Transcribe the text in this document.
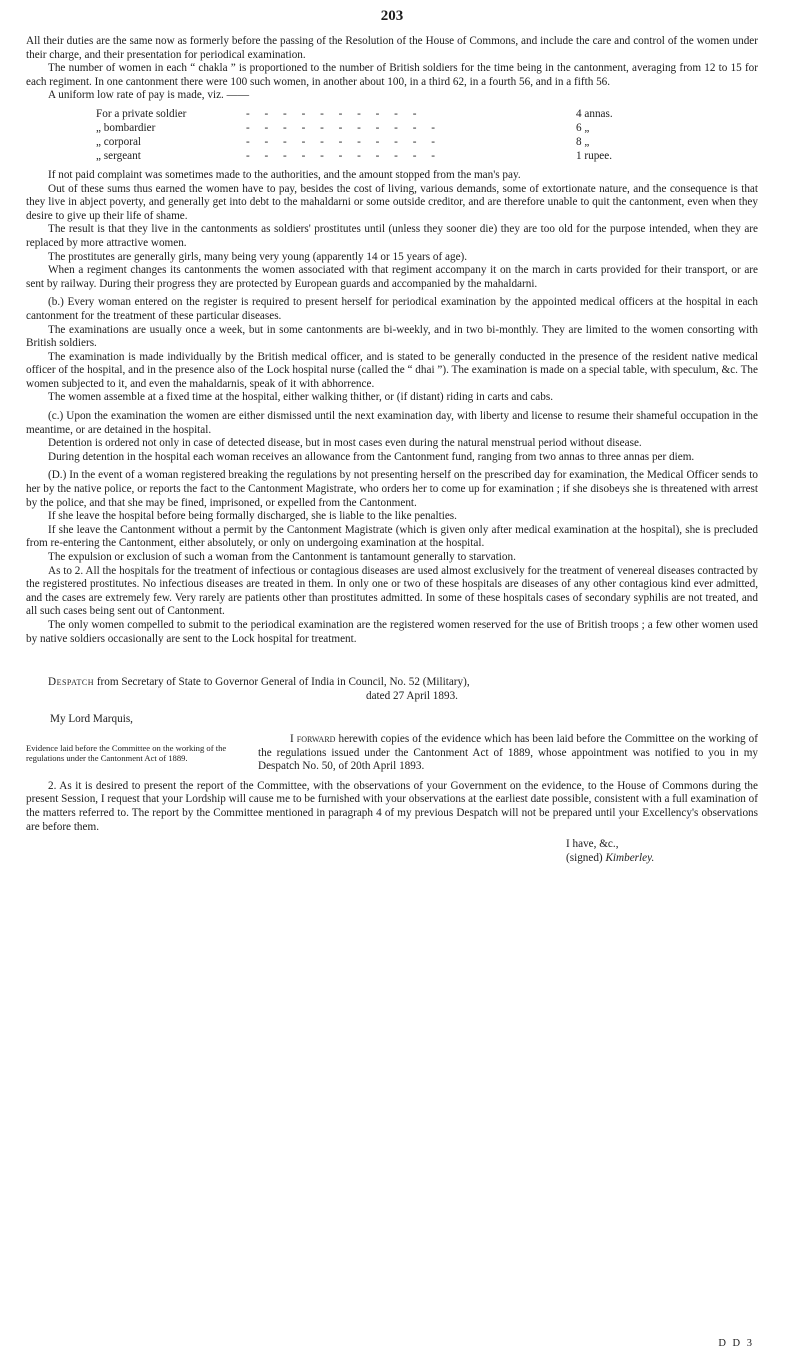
203

All their duties are the same now as formerly before the passing of the Resolution of the House of Commons, and include the care and control of the women under their charge, and their presentation for periodical examination.

The number of women in each “ chakla ” is proportioned to the number of British soldiers for the time being in the cantonment, averaging from 12 to 15 for each regiment. In one cantonment there were 100 such women, in another about 100, in a third 62, in a fourth 56, and in a fifth 56.

A uniform low rate of pay is made, viz. ——

For a private soldier	- - - - - - - - - -	4 annas.
„ bombardier	- - - - - - - - - - -	6 „
„ corporal	- - - - - - - - - - -	8 „
„ sergeant	- - - - - - - - - - -	1 rupee.

If not paid complaint was sometimes made to the authorities, and the amount stopped from the man's pay.

Out of these sums thus earned the women have to pay, besides the cost of living, various demands, some of extortionate nature, and the consequence is that they live in abject poverty, and generally get into debt to the mahaldarni or some outside creditor, and are therefore unable to quit the cantonment, even when they desire to give up their life of shame.

The result is that they live in the cantonments as soldiers' prostitutes until (unless they sooner die) they are too old for the purpose intended, when they are replaced by more attractive women.

The prostitutes are generally girls, many being very young (apparently 14 or 15 years of age).

When a regiment changes its cantonments the women associated with that regiment accompany it on the march in carts provided for their transport, or are sent by railway. During their progress they are protected by European guards and accompanied by the mahaldarni.

(b.) Every woman entered on the register is required to present herself for periodical examination by the appointed medical officers at the hospital in each cantonment for the treatment of these particular diseases.

The examinations are usually once a week, but in some cantonments are bi-weekly, and in two bi-monthly. They are limited to the women consorting with British soldiers.

The examination is made individually by the British medical officer, and is stated to be generally conducted in the presence of the resident native medical officer of the hospital, and in the presence also of the Lock hospital nurse (called the “ dhai ”). The examination is made on a special table, with speculum, &c. The women subjected to it, and even the mahaldarnis, speak of it with abhorrence.

The women assemble at a fixed time at the hospital, either walking thither, or (if distant) riding in carts and cabs.

(c.) Upon the examination the women are either dismissed until the next examination day, with liberty and license to resume their shameful occupation in the meantime, or are detained in the hospital.

Detention is ordered not only in case of detected disease, but in most cases even during the natural menstrual period without disease.

During detention in the hospital each woman receives an allowance from the Cantonment fund, ranging from two annas to three annas per diem.

(D.) In the event of a woman registered breaking the regulations by not presenting herself on the prescribed day for examination, the Medical Officer sends to her by the native police, or reports the fact to the Cantonment Magistrate, who orders her to come up for examination ; if she disobeys she is threatened with arrest by the police, and that she may be fined, imprisoned, or expelled from the Cantonment.

If she leave the hospital before being formally discharged, she is liable to the like penalties.

If she leave the Cantonment without a permit by the Cantonment Magistrate (which is given only after medical examination at the hospital), she is precluded from re-entering the Cantonment, either absolutely, or only on undergoing examination at the hospital.

The expulsion or exclusion of such a woman from the Cantonment is tantamount generally to starvation.

As to 2. All the hospitals for the treatment of infectious or contagious diseases are used almost exclusively for the treatment of venereal diseases contracted by the registered prostitutes. No infectious diseases are treated in them. In only one or two of these hospitals are diseases of any other contagious kind ever admitted, and the cases are extremely few. Very rarely are patients other than prostitutes admitted. In some of these hospitals cases of secondary syphilis are not treated, and all such cases being sent out of Cantonment.

The only women compelled to submit to the periodical examination are the registered women reserved for the use of British troops ; a few other women used by native soldiers occasionally are sent to the Lock hospital for treatment.

Despatch from Secretary of State to Governor General of India in Council, No. 52 (Military),
dated 27 April 1893.
My Lord Marquis,
Evidence laid before the Committee on the working of the regulations under the Cantonment Act of 1889.
I forward herewith copies of the evidence which has been laid before the Committee on the working of the regulations issued under the Cantonment Act of 1889, whose appointment was notified to you in my Despatch No. 50, of 20th April 1893.

2. As it is desired to present the report of the Committee, with the observations of your Government on the evidence, to the House of Commons during the present Session, I request that your Lordship will cause me to be furnished with your observations at the earliest date possible, consistent with a full examination of the matters referred to. The report by the Committee mentioned in paragraph 4 of my previous Despatch will not be prepared until your Excellency's observations are before them.

I have, &c.,
(signed) Kimberley.
D D 3
